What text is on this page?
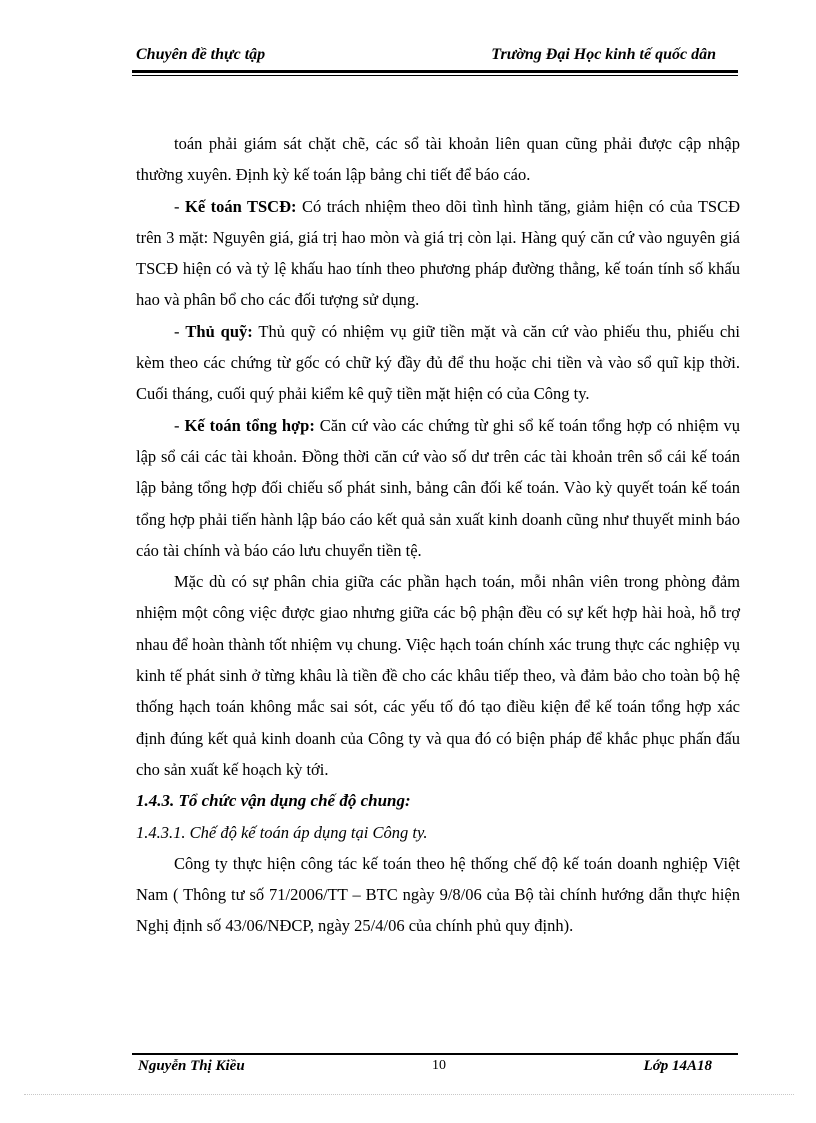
Chuyên đề thực tập	Trường Đại Học kinh tế quốc dân

toán phải giám sát chặt chẽ, các sổ tài khoản liên quan cũng phải được cập nhập thường xuyên. Định kỳ kế toán lập bảng chi tiết để báo cáo.

- Kế toán TSCĐ: Có trách nhiệm theo dõi tình hình tăng, giảm hiện có của TSCĐ trên 3 mặt: Nguyên giá, giá trị hao mòn và giá trị còn lại. Hàng quý căn cứ vào nguyên giá TSCĐ hiện có và tỷ lệ khấu hao tính theo phương pháp đường thẳng, kế toán tính số khấu hao và phân bổ cho các đối tượng sử dụng.

- Thủ quỹ: Thủ quỹ có nhiệm vụ giữ tiền mặt và căn cứ vào phiếu thu, phiếu chi kèm theo các chứng từ gốc có chữ ký đầy đủ để thu hoặc chi tiền và vào sổ quĩ kịp thời. Cuối tháng, cuối quý phải kiểm kê quỹ tiền mặt hiện có của Công ty.

- Kế toán tổng hợp: Căn cứ vào các chứng từ ghi sổ kế toán tổng hợp có nhiệm vụ lập sổ cái các tài khoản. Đồng thời căn cứ vào số dư trên các tài khoản trên sổ cái kế toán lập bảng tổng hợp đối chiếu số phát sinh, bảng cân đối kế toán. Vào kỳ quyết toán kế toán tổng hợp phải tiến hành lập báo cáo kết quả sản xuất kinh doanh cũng như thuyết minh báo cáo tài chính và báo cáo lưu chuyển tiền tệ.

Mặc dù có sự phân chia giữa các phần hạch toán, mỗi nhân viên trong phòng đảm nhiệm một công việc được giao nhưng giữa các bộ phận đều có sự kết hợp hài hoà, hỗ trợ nhau để hoàn thành tốt nhiệm vụ chung. Việc hạch toán chính xác trung thực các nghiệp vụ kinh tế phát sinh ở từng khâu là tiền đề cho các khâu tiếp theo, và đảm bảo cho toàn bộ hệ thống hạch toán không mắc sai sót, các yếu tố đó tạo điều kiện để kế toán tổng hợp xác định đúng kết quả kinh doanh của Công ty và qua đó có biện pháp để khắc phục phấn đấu cho sản xuất kế hoạch kỳ tới.

1.4.3. Tổ chức vận dụng chế độ chung:

1.4.3.1. Chế độ kế toán áp dụng tại Công ty.

Công ty thực hiện công tác kế toán theo hệ thống chế độ kế toán doanh nghiệp Việt Nam ( Thông tư số 71/2006/TT – BTC ngày 9/8/06 của Bộ tài chính hướng dẫn thực hiện Nghị định số 43/06/NĐCP, ngày 25/4/06 của chính phủ quy định).

Nguyễn Thị Kiều	10	Lớp 14A18
